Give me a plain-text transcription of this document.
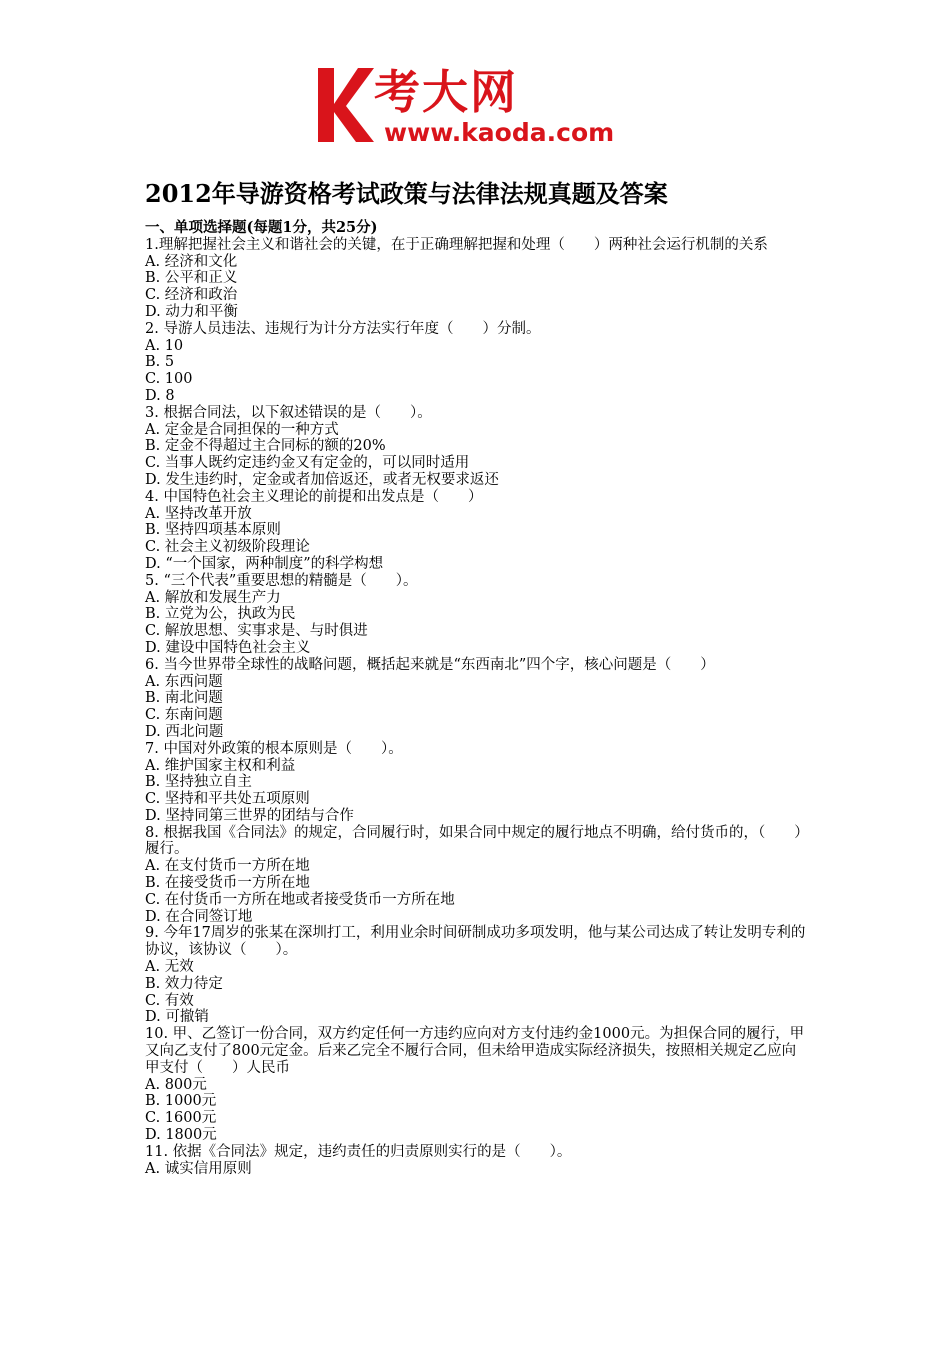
考大网
www.kaoda.com
2012年导游资格考试政策与法律法规真题及答案
一、单项选择题(每题1分，共25分)
1.理解把握社会主义和谐社会的关键，在于正确理解把握和处理（　　）两种社会运行机制的关系
A. 经济和文化
B. 公平和正义
C. 经济和政治
D. 动力和平衡
2. 导游人员违法、违规行为计分方法实行年度（　　）分制。
A. 10
B. 5
C. 100
D. 8
3. 根据合同法，以下叙述错误的是（　　）。
A. 定金是合同担保的一种方式
B. 定金不得超过主合同标的额的20%
C. 当事人既约定违约金又有定金的，可以同时适用
D. 发生违约时，定金或者加倍返还，或者无权要求返还
4. 中国特色社会主义理论的前提和出发点是（　　）
A. 坚持改革开放
B. 坚持四项基本原则
C. 社会主义初级阶段理论
D. “一个国家，两种制度”的科学构想
5. “三个代表”重要思想的精髓是（　　）。
A. 解放和发展生产力
B. 立党为公，执政为民
C. 解放思想、实事求是、与时俱进
D. 建设中国特色社会主义
6. 当今世界带全球性的战略问题，概括起来就是“东西南北”四个字，核心问题是（　　）
A. 东西问题
B. 南北问题
C. 东南问题
D. 西北问题
7. 中国对外政策的根本原则是（　　）。
A. 维护国家主权和利益
B. 坚持独立自主
C. 坚持和平共处五项原则
D. 坚持同第三世界的团结与合作
8. 根据我国《合同法》的规定，合同履行时，如果合同中规定的履行地点不明确，给付货币的，（　　）履行。
A. 在支付货币一方所在地
B. 在接受货币一方所在地
C. 在付货币一方所在地或者接受货币一方所在地
D. 在合同签订地
9. 今年17周岁的张某在深圳打工，利用业余时间研制成功多项发明，他与某公司达成了转让发明专利的协议，该协议（　　）。
A. 无效
B. 效力待定
C. 有效
D. 可撤销
10. 甲、乙签订一份合同，双方约定任何一方违约应向对方支付违约金1000元。为担保合同的履行，甲又向乙支付了800元定金。后来乙完全不履行合同，但未给甲造成实际经济损失，按照相关规定乙应向甲支付（　　）人民币
A. 800元
B. 1000元
C. 1600元
D. 1800元
11. 依据《合同法》规定，违约责任的归责原则实行的是（　　）。
A. 诚实信用原则
